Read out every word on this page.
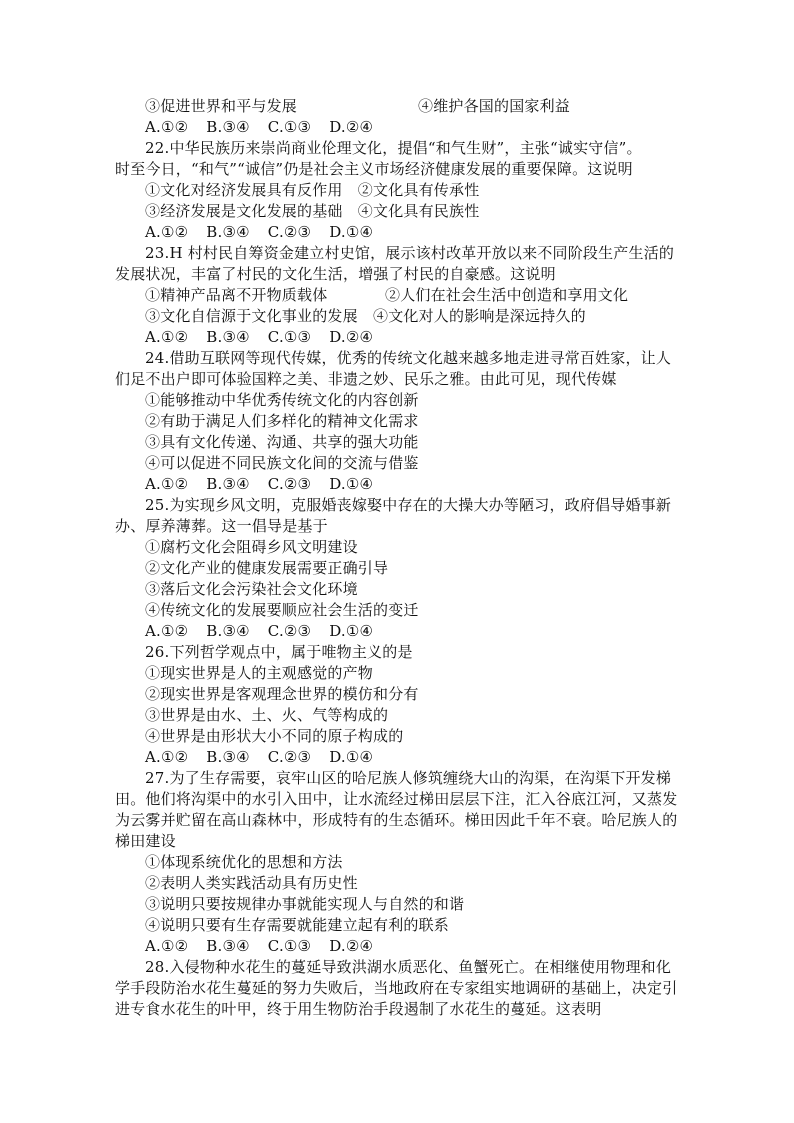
③促进世界和平与发展	④维护各国的国家利益
A.①② B.③④ C.①③ D.②④
22.中华民族历来崇尚商业伦理文化，提倡“和气生财”，主张“诚实守信”。
时至今日，“和气”“诚信”仍是社会主义市场经济健康发展的重要保障。这说明
①文化对经济发展具有反作用　②文化具有传承性
③经济发展是文化发展的基础　④文化具有民族性
A.①② B.③④ C.②③ D.①④
23.H 村村民自筹资金建立村史馆，展示该村改革开放以来不同阶段生产生活的
发展状况，丰富了村民的文化生活，增强了村民的自豪感。这说明
①精神产品离不开物质载体	②人们在社会生活中创造和享用文化
③文化自信源于文化事业的发展　④文化对人的影响是深远持久的
A.①② B.③④ C.①③ D.②④
24.借助互联网等现代传媒，优秀的传统文化越来越多地走进寻常百姓家，让人
们足不出户即可体验国粹之美、非遗之妙、民乐之雅。由此可见，现代传媒
①能够推动中华优秀传统文化的内容创新
②有助于满足人们多样化的精神文化需求
③具有文化传递、沟通、共享的强大功能
④可以促进不同民族文化间的交流与借鉴
A.①② B.③④ C.②③ D.①④
25.为实现乡风文明，克服婚丧嫁娶中存在的大操大办等陋习，政府倡导婚事新
办、厚养薄葬。这一倡导是基于
①腐朽文化会阻碍乡风文明建设
②文化产业的健康发展需要正确引导
③落后文化会污染社会文化环境
④传统文化的发展要顺应社会生活的变迁
A.①② B.③④ C.②③ D.①④
26.下列哲学观点中，属于唯物主义的是
①现实世界是人的主观感觉的产物
②现实世界是客观理念世界的模仿和分有
③世界是由水、土、火、气等构成的
④世界是由形状大小不同的原子构成的
A.①② B.③④ C.②③ D.①④
27.为了生存需要，哀牢山区的哈尼族人修筑缠绕大山的沟渠，在沟渠下开发梯
田。他们将沟渠中的水引入田中，让水流经过梯田层层下注，汇入谷底江河，又蒸发
为云雾并贮留在高山森林中，形成特有的生态循环。梯田因此千年不衰。哈尼族人的
梯田建设
①体现系统优化的思想和方法
②表明人类实践活动具有历史性
③说明只要按规律办事就能实现人与自然的和谐
④说明只要有生存需要就能建立起有利的联系
A.①② B.③④ C.①③ D.②④
28.入侵物种水花生的蔓延导致洪湖水质恶化、鱼蟹死亡。在相继使用物理和化
学手段防治水花生蔓延的努力失败后，当地政府在专家组实地调研的基础上，决定引
进专食水花生的叶甲，终于用生物防治手段遏制了水花生的蔓延。这表明
